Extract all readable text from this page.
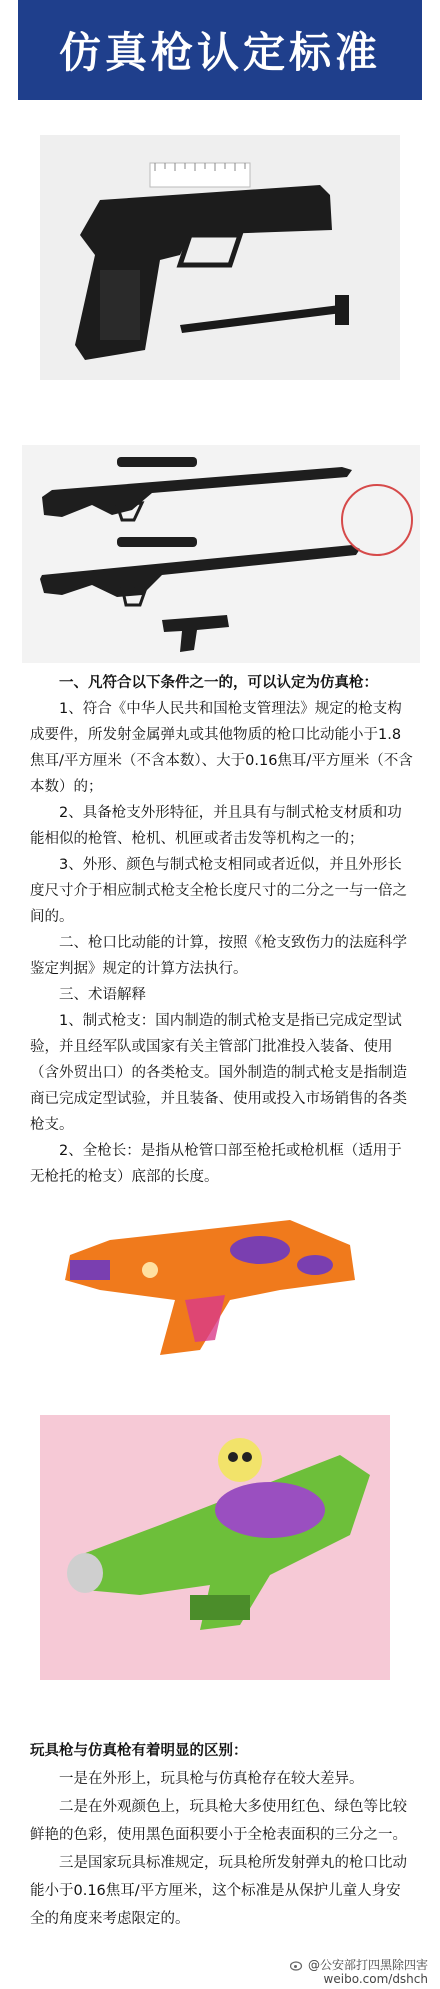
仿真枪认定标准

一、凡符合以下条件之一的，可以认定为仿真枪：

1、符合《中华人民共和国枪支管理法》规定的枪支构成要件，所发射金属弹丸或其他物质的枪口比动能小于1.8焦耳/平方厘米（不含本数）、大于0.16焦耳/平方厘米（不含本数）的；

2、具备枪支外形特征，并且具有与制式枪支材质和功能相似的枪管、枪机、机匣或者击发等机构之一的；

3、外形、颜色与制式枪支相同或者近似，并且外形长度尺寸介于相应制式枪支全枪长度尺寸的二分之一与一倍之间的。

二、枪口比动能的计算，按照《枪支致伤力的法庭科学鉴定判据》规定的计算方法执行。

三、术语解释

1、制式枪支：国内制造的制式枪支是指已完成定型试验，并且经军队或国家有关主管部门批准投入装备、使用（含外贸出口）的各类枪支。国外制造的制式枪支是指制造商已完成定型试验，并且装备、使用或投入市场销售的各类枪支。

2、全枪长：是指从枪管口部至枪托或枪机框（适用于无枪托的枪支）底部的长度。

玩具枪与仿真枪有着明显的区别：

一是在外形上，玩具枪与仿真枪存在较大差异。

二是在外观颜色上，玩具枪大多使用红色、绿色等比较鲜艳的色彩，使用黑色面积要小于全枪表面积的三分之一。

三是国家玩具标准规定，玩具枪所发射弹丸的枪口比动能小于0.16焦耳/平方厘米，这个标准是从保护儿童人身安全的角度来考虑限定的。

@公安部打四黑除四害
weibo.com/dshch
